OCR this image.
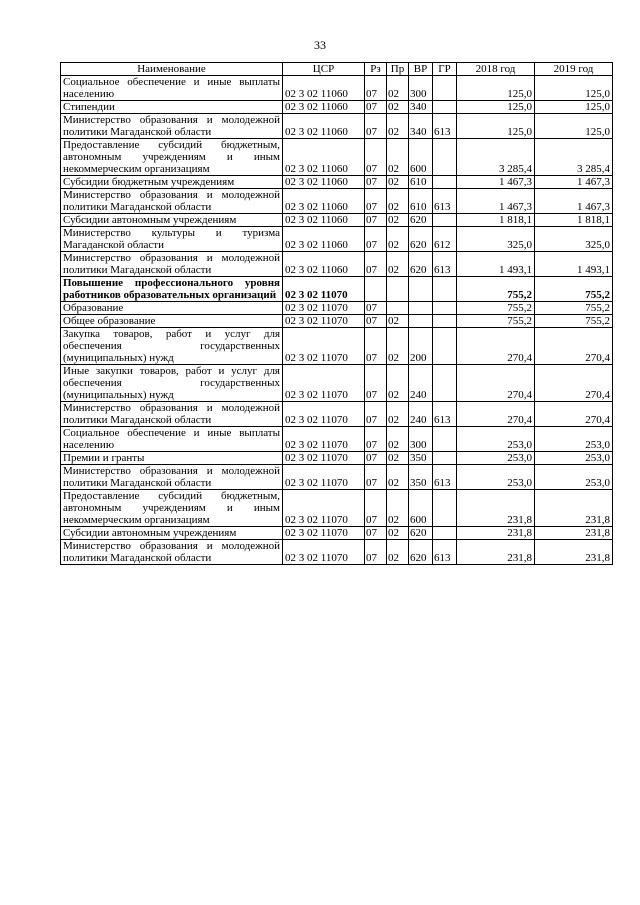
33
Наименование	ЦСР	Рз	Пр	ВР	ГР	2018 год	2019 год
Социальное обеспечение и иные выплаты населению	02 3 02 11060	07	02	300		125,0	125,0
Стипендии	02 3 02 11060	07	02	340		125,0	125,0
Министерство образования и молодежной политики Магаданской области	02 3 02 11060	07	02	340	613	125,0	125,0
Предоставление субсидий бюджетным, автономным учреждениям и иным некоммерческим организациям	02 3 02 11060	07	02	600		3 285,4	3 285,4
Субсидии бюджетным учреждениям	02 3 02 11060	07	02	610		1 467,3	1 467,3
Министерство образования и молодежной политики Магаданской области	02 3 02 11060	07	02	610	613	1 467,3	1 467,3
Субсидии автономным учреждениям	02 3 02 11060	07	02	620		1 818,1	1 818,1
Министерство культуры и туризма Магаданской области	02 3 02 11060	07	02	620	612	325,0	325,0
Министерство образования и молодежной политики Магаданской области	02 3 02 11060	07	02	620	613	1 493,1	1 493,1
Повышение профессионального уровня работников образовательных организаций	02 3 02 11070					755,2	755,2
Образование	02 3 02 11070	07				755,2	755,2
Общее образование	02 3 02 11070	07	02			755,2	755,2
Закупка товаров, работ и услуг для обеспечения государственных (муниципальных) нужд	02 3 02 11070	07	02	200		270,4	270,4
Иные закупки товаров, работ и услуг для обеспечения государственных (муниципальных) нужд	02 3 02 11070	07	02	240		270,4	270,4
Министерство образования и молодежной политики Магаданской области	02 3 02 11070	07	02	240	613	270,4	270,4
Социальное обеспечение и иные выплаты населению	02 3 02 11070	07	02	300		253,0	253,0
Премии и гранты	02 3 02 11070	07	02	350		253,0	253,0
Министерство образования и молодежной политики Магаданской области	02 3 02 11070	07	02	350	613	253,0	253,0
Предоставление субсидий бюджетным, автономным учреждениям и иным некоммерческим организациям	02 3 02 11070	07	02	600		231,8	231,8
Субсидии автономным учреждениям	02 3 02 11070	07	02	620		231,8	231,8
Министерство образования и молодежной политики Магаданской области	02 3 02 11070	07	02	620	613	231,8	231,8
